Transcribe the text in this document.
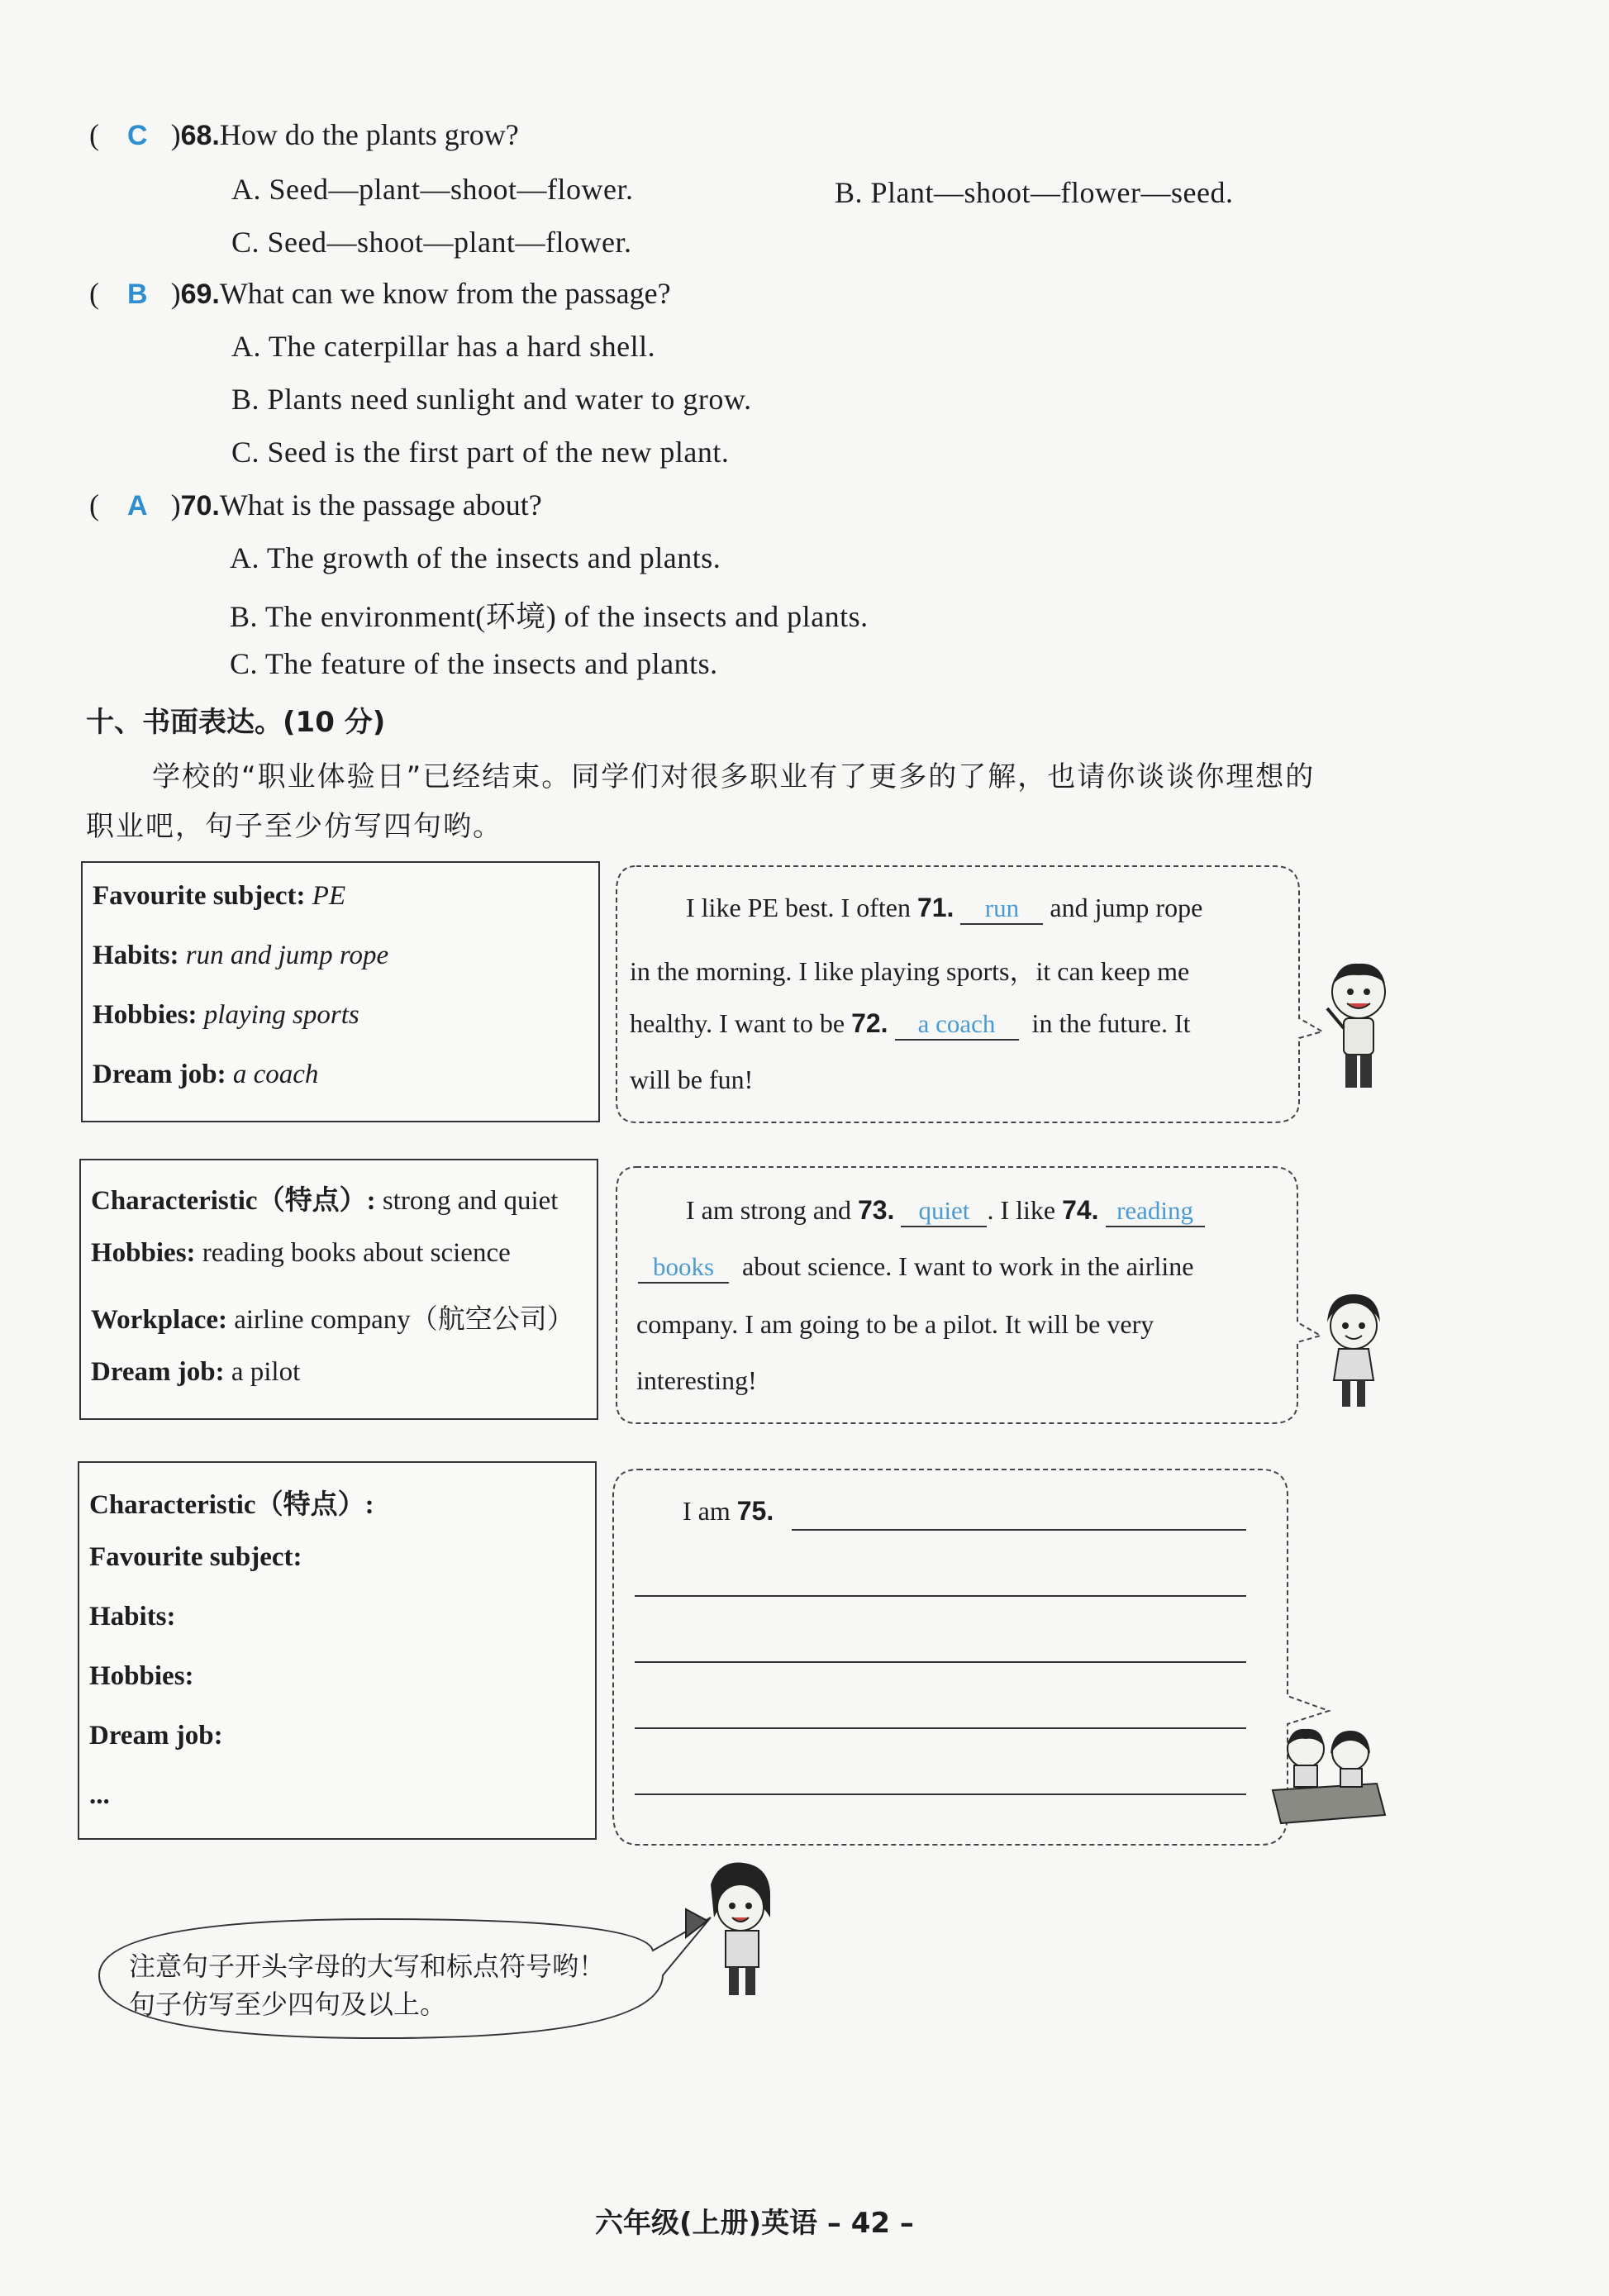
( C )68.How do the plants grow?
A. Seed—plant—shoot—flower.	B. Plant—shoot—flower—seed.
C. Seed—shoot—plant—flower.
( B )69.What can we know from the passage?
A. The caterpillar has a hard shell.
B. Plants need sunlight and water to grow.
C. Seed is the first part of the new plant.
( A )70.What is the passage about?
A. The growth of the insects and plants.
B. The environment(环境) of the insects and plants.
C. The feature of the insects and plants.
十、书面表达。(10 分)
学校的“职业体验日”已经结束。同学们对很多职业有了更多的了解，也请你谈谈你理想的
职业吧，句子至少仿写四句哟。
Favourite subject: PE
Habits: run and jump rope
Hobbies: playing sports
Dream job: a coach
I like PE best. I often 71. run and jump rope
in the morning. I like playing sports，it can keep me
healthy. I want to be 72. a coach in the future. It
will be fun!
Characteristic（特点）: strong and quiet
Hobbies: reading books about science
Workplace: airline company（航空公司）
Dream job: a pilot
I am strong and 73. quiet . I like 74. reading
books about science. I want to work in the airline
company. I am going to be a pilot. It will be very
interesting!
Characteristic（特点）:
Favourite subject:
Habits:
Hobbies:
Dream job:
...
I am 75.
注意句子开头字母的大写和标点符号哟！
句子仿写至少四句及以上。
六年级(上册)英语 – 42 –
